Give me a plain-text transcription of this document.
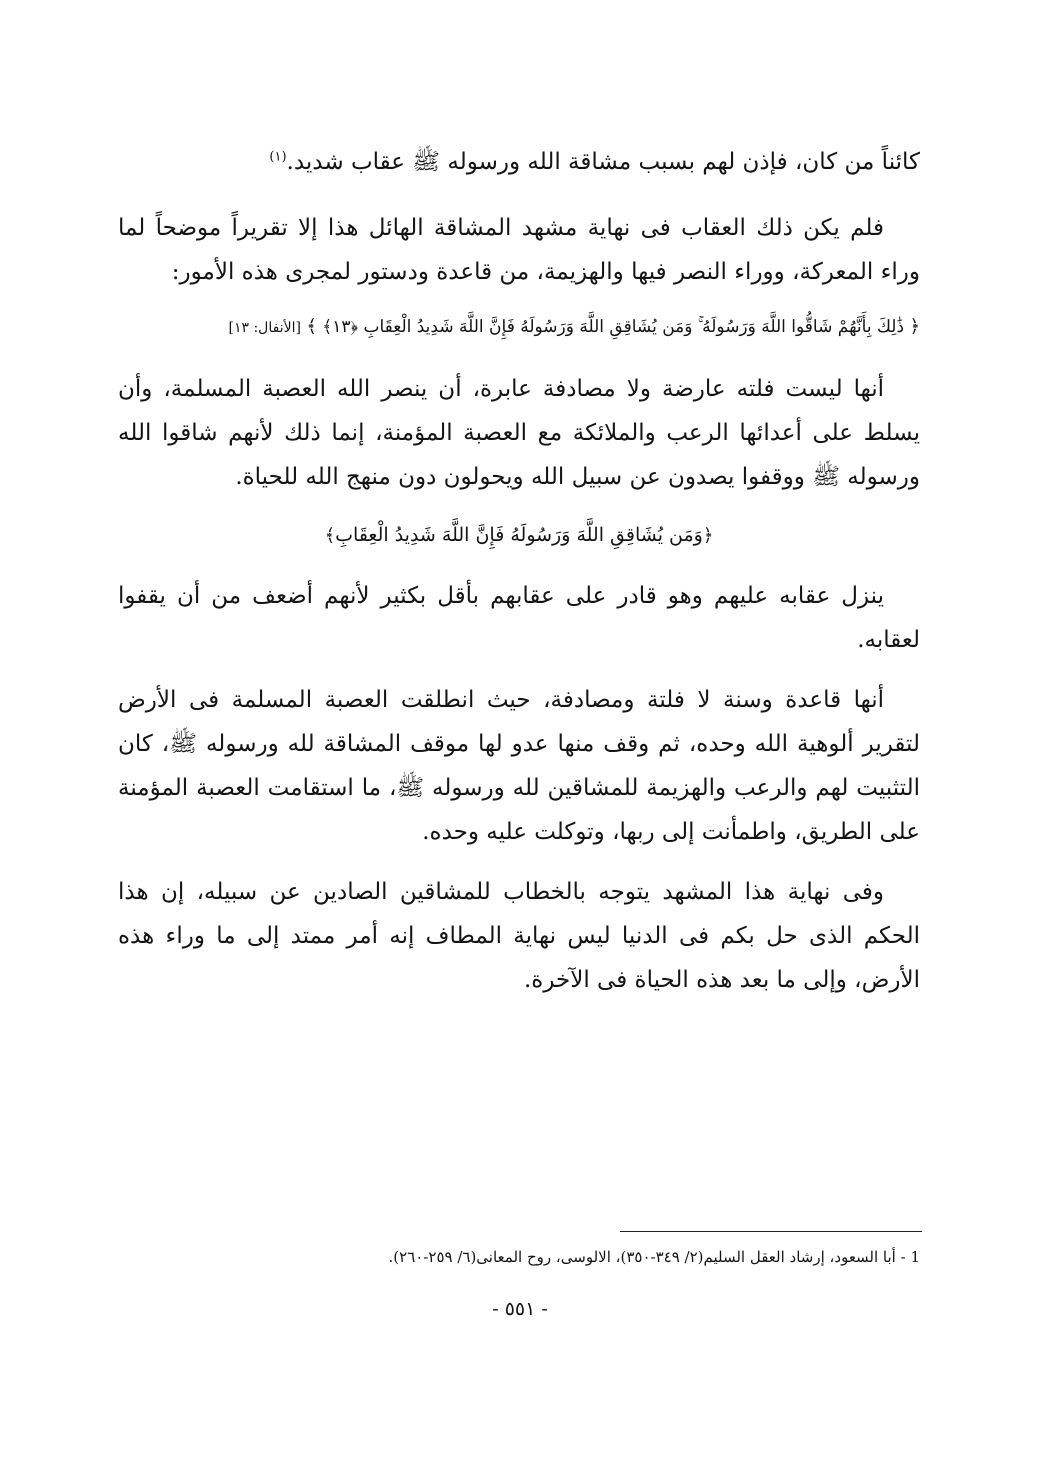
كائناً من كان، فإذن لهم بسبب مشاقة الله ورسوله ﷺ عقاب شديد.$^{(١)}$

فلم يكن ذلك العقاب فى نهاية مشهد المشاقة الهائل هذا إلا تقريراً موضحاً لما وراء المعركة، ووراء النصر فيها والهزيمة، من قاعدة ودستور لمجرى هذه الأمور:

﴿ ذَٰلِكَ بِأَنَّهُمْ شَاقُّوا اللَّهَ وَرَسُولَهُ ۚ وَمَن يُشَاقِقِ اللَّهَ وَرَسُولَهُ فَإِنَّ اللَّهَ شَدِيدُ الْعِقَابِ ﴿١٣﴾ ﴾ [الأنفال: ١٣]

أنها ليست فلته عارضة ولا مصادفة عابرة، أن ينصر الله العصبة المسلمة، وأن يسلط على أعدائها الرعب والملائكة مع العصبة المؤمنة، إنما ذلك لأنهم شاقوا الله ورسوله ﷺ ووقفوا يصدون عن سبيل الله ويحولون دون منهج الله للحياة.

﴿وَمَن يُشَاقِقِ اللَّهَ وَرَسُولَهُ فَإِنَّ اللَّهَ شَدِيدُ الْعِقَابِ﴾

ينزل عقابه عليهم وهو قادر على عقابهم بأقل بكثير لأنهم أضعف من أن يقفوا لعقابه.

أنها قاعدة وسنة لا فلتة ومصادفة، حيث انطلقت العصبة المسلمة فى الأرض لتقرير ألوهية الله وحده، ثم وقف منها عدو لها موقف المشاقة لله ورسوله ﷺ، كان التثبيت لهم والرعب والهزيمة للمشاقين لله ورسوله ﷺ، ما استقامت العصبة المؤمنة على الطريق، واطمأنت إلى ربها، وتوكلت عليه وحده.

وفى نهاية هذا المشهد يتوجه بالخطاب للمشاقين الصادين عن سبيله، إن هذا الحكم الذى حل بكم فى الدنيا ليس نهاية المطاف إنه أمر ممتد إلى ما وراء هذه الأرض، وإلى ما بعد هذه الحياة فى الآخرة.

1 - أبا السعود، إرشاد العقل السليم(٢/ ٣٤٩-٣٥٠)، الالوسى، روح المعانى(٦/ ٢٥٩-٢٦٠).
- ٥٥١ -
